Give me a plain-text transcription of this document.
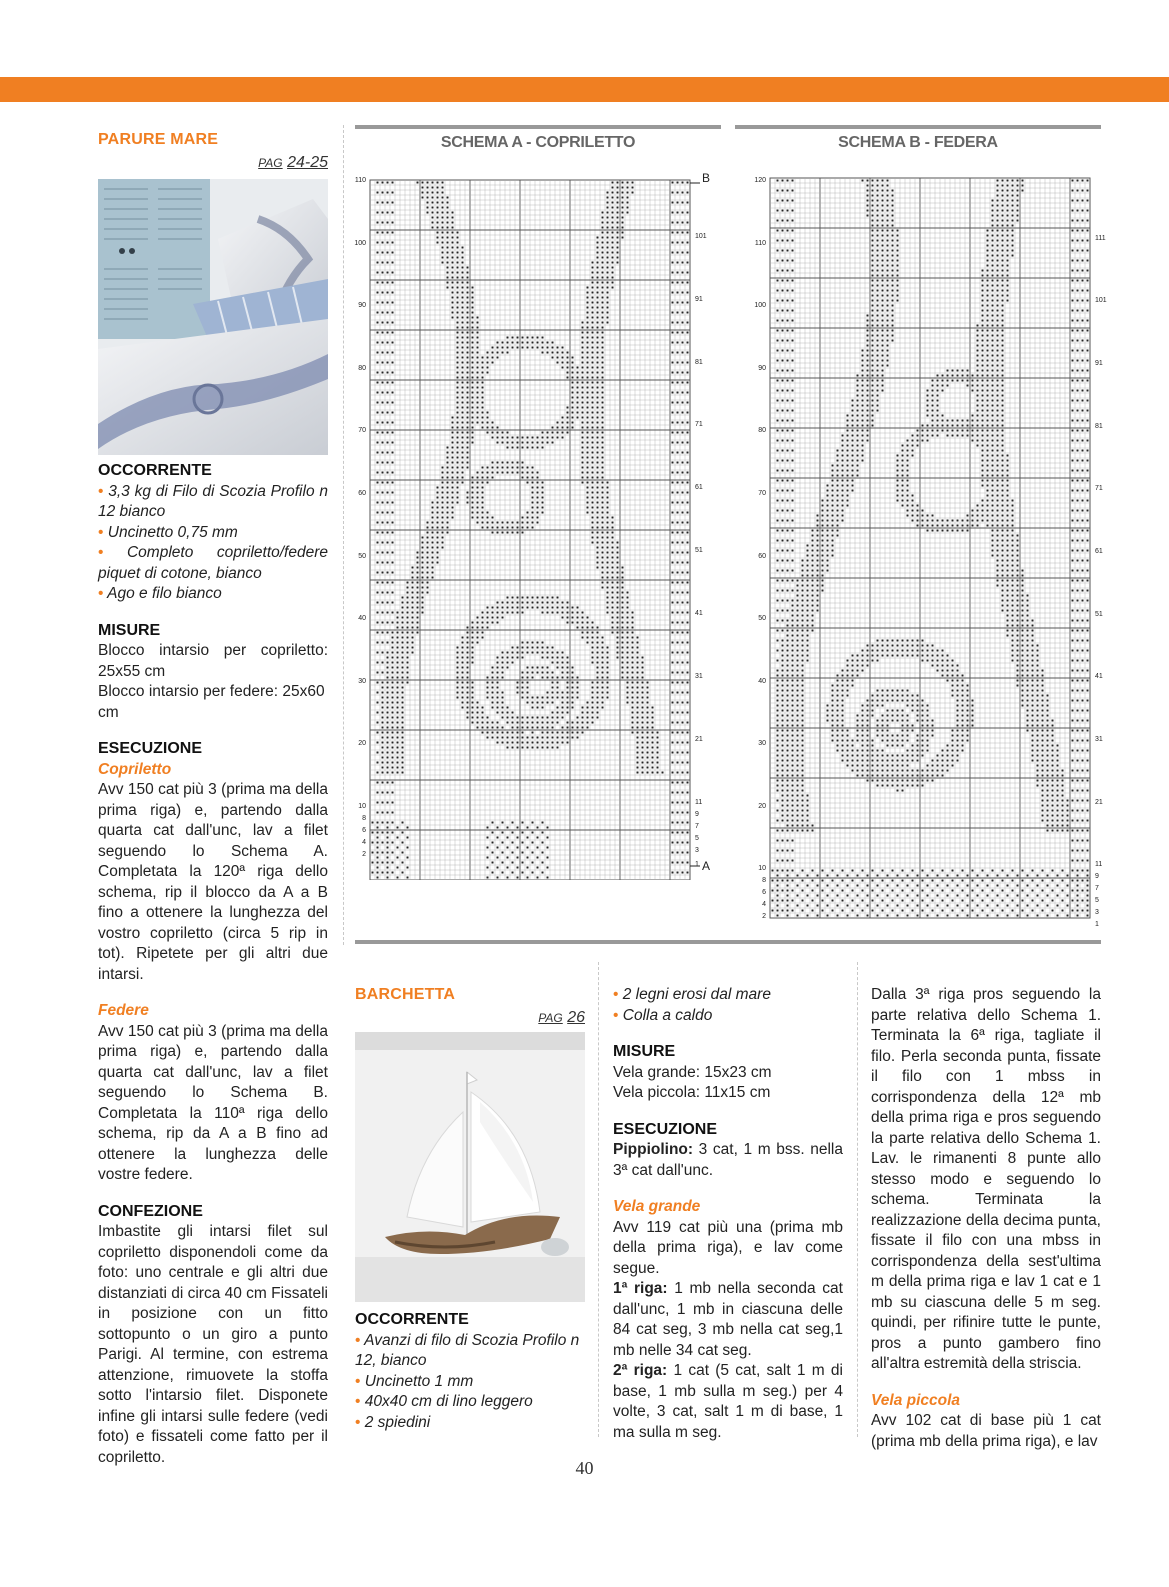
PARURE MARE
PAG 24-25
OCCORRENTE

• 3,3 kg di Filo di Scozia Profilo n 12 bianco

• Uncinetto 0,75 mm

• Completo copriletto/federe piquet di cotone, bianco

• Ago e filo bianco

MISURE

Blocco intarsio per copriletto: 25x55 cm

Blocco intarsio per federe: 25x60 cm

ESECUZIONE
Copriletto

Avv 150 cat più 3 (prima ma della prima riga) e, partendo dalla quarta cat dall'unc, lav a filet seguendo lo Schema A. Completata la 120ª riga dello schema, rip il blocco da A a B fino a ottenere la lunghezza del vostro copriletto (circa 5 rip in tot). Ripetete per gli altri due intarsi.

Federe

Avv 150 cat più 3 (prima ma della prima riga) e, partendo dalla quarta cat dall'unc, lav a filet seguendo lo Schema B. Completata la 110ª riga dello schema, rip da A a B fino ad ottenere la lunghezza delle vostre federe.

CONFEZIONE

Imbastite gli intarsi filet sul copriletto disponendoli come da foto: uno centrale e gli altri due distanziati di circa 40 cm Fissateli in posizione con un fitto sottopunto o un giro a punto Parigi. Al termine, con estrema attenzione, rimuovete la stoffa sotto l'intarsio filet. Disponete infine gli intarsi sulle federe (vedi foto) e fissateli come fatto per il copriletto.

SCHEMA A - COPRILETTO
110
100
90
80
70
60
50
40
30
20
10
8
6
4
2
101
91
81
71
61
51
41
31
21
11
9
7
5
3
1
B
A
SCHEMA B - FEDERA
120
110
100
90
80
70
60
50
40
30
20
10
8
6
4
2
111
101
91
81
71
61
51
41
31
21
11
9
7
5
3
1
BARCHETTA
PAG 26
OCCORRENTE

• Avanzi di filo di Scozia Profilo n 12, bianco

• Uncinetto 1 mm

• 40x40 cm di lino leggero

• 2 spiedini

• 2 legni erosi dal mare

• Colla a caldo

MISURE

Vela grande: 15x23 cm

Vela piccola: 11x15 cm

ESECUZIONE

Pippiolino: 3 cat, 1 m bss. nella 3ª cat dall'unc.

Vela grande

Avv 119 cat più una (prima mb della prima riga), e lav come segue.

1ª riga: 1 mb nella seconda cat dall'unc, 1 mb in ciascuna delle 84 cat seg, 3 mb nella cat seg,1 mb nelle 34 cat seg.

2ª riga: 1 cat (5 cat, salt 1 m di base, 1 mb sulla m seg.) per 4 volte, 3 cat, salt 1 m di base, 1 ma sulla m seg.

Dalla 3ª riga pros seguendo la parte relativa dello Schema 1. Terminata la 6ª riga, tagliate il filo. Perla seconda punta, fissate il filo con 1 mbss in corrispondenza della 12ª mb della prima riga e pros seguendo la parte relativa dello Schema 1. Lav. le rimanenti 8 punte allo stesso modo e seguendo lo schema. Terminata la realizzazione della decima punta, fissate il filo con una mbss in corrispondenza della sest'ultima m della prima riga e lav 1 cat e 1 mb su ciascuna delle 5 m seg. quindi, per rifinire tutte le punte, pros a punto gambero fino all'altra estremità della striscia.

Vela piccola

Avv 102 cat di base più 1 cat (prima mb della prima riga), e lav

40
